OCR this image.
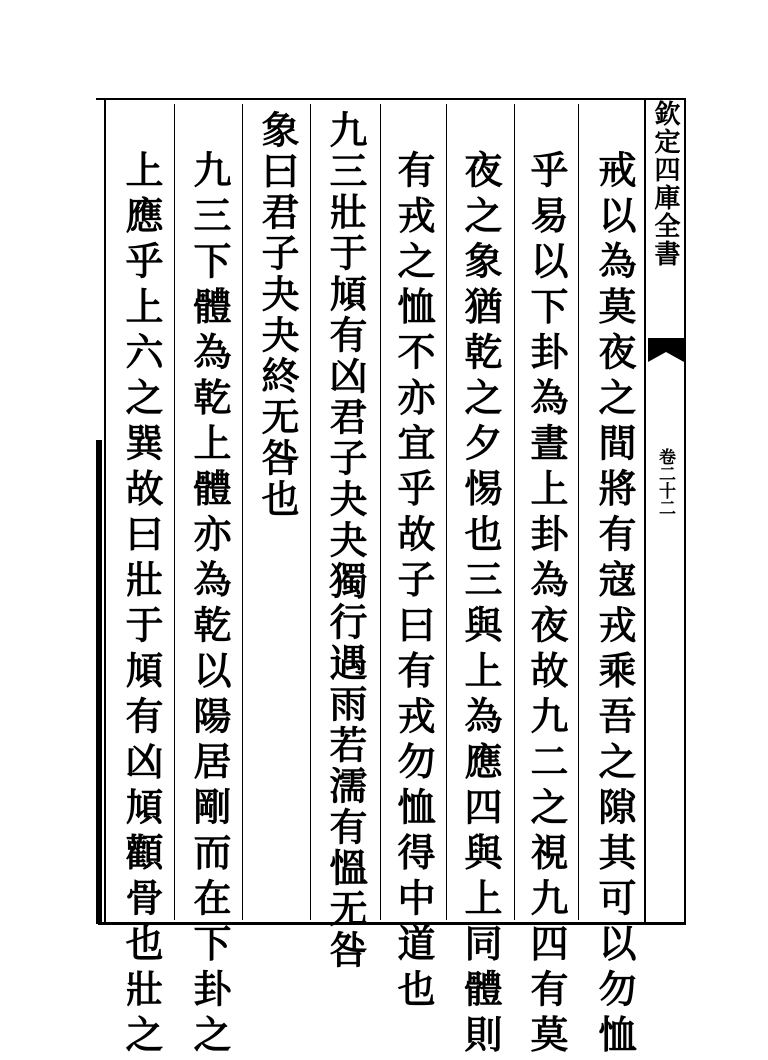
欽定四庫全書
卷二十二
戒以為莫夜之間將有寇戎乘吾之隙其可以勿恤
乎易以下卦為晝上卦為夜故九二之視九四有莫
夜之象猶乾之夕惕也三與上為應四與上同體則
有戎之恤不亦宜乎故子曰有戎勿恤得中道也
九三壯于頄有凶君子夬夬獨行遇雨若濡有慍无咎
象曰君子夬夬終无咎也
九三下體為乾上體亦為乾以陽居剛而在下卦之
上應乎上六之巽故曰壯于頄有凶頄顴骨也壯之
